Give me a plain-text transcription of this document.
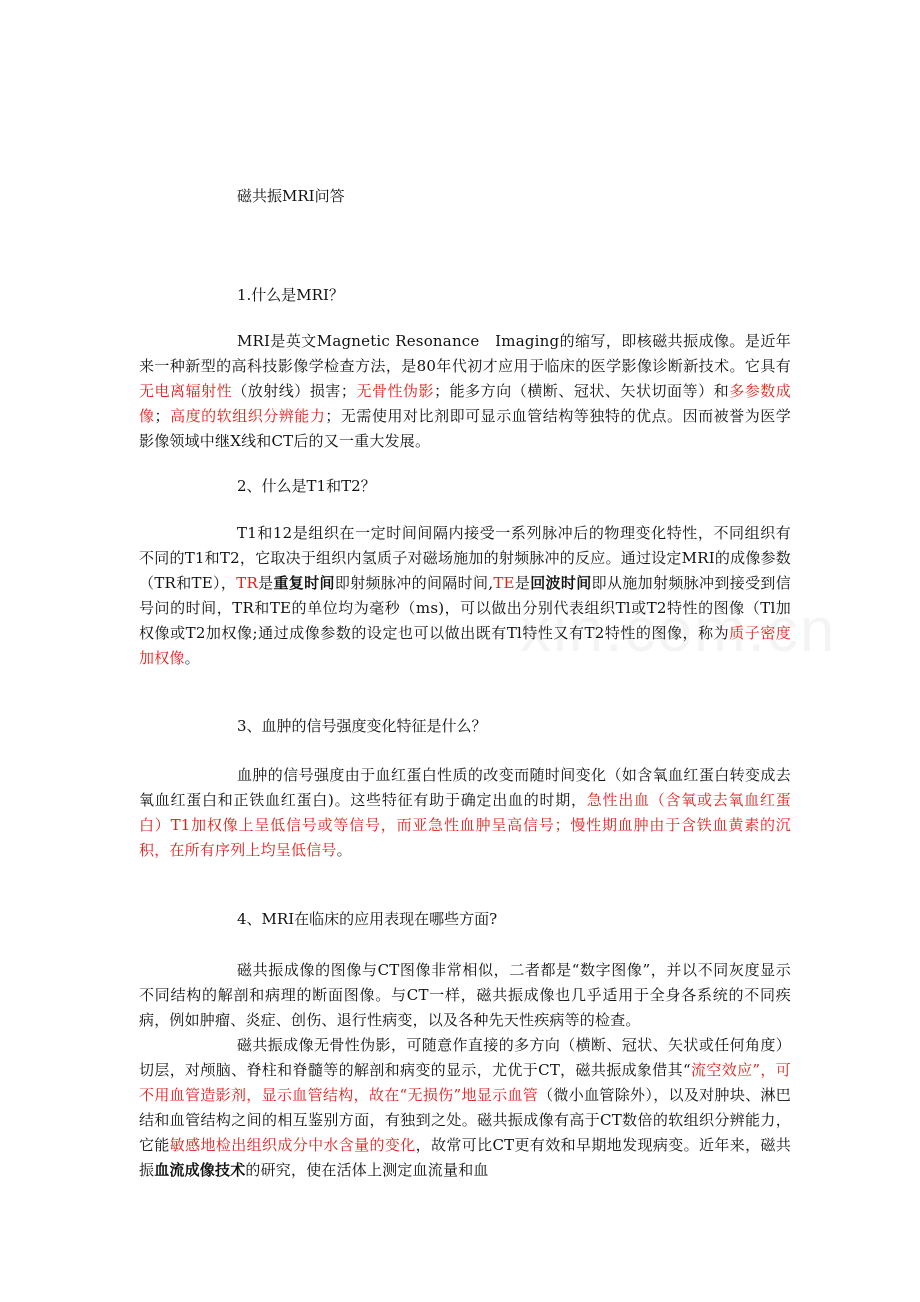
磁共振MRI问答

1.什么是MRI？

MRI是英文Magnetic Resonance　Imaging的缩写，即核磁共振成像。是近年来一种新型的高科技影像学检查方法，是80年代初才应用于临床的医学影像诊断新技术。它具有无电离辐射性（放射线）损害；无骨性伪影；能多方向（横断、冠状、矢状切面等）和多参数成像；高度的软组织分辨能力；无需使用对比剂即可显示血管结构等独特的优点。因而被誉为医学影像领域中继X线和CT后的又一重大发展。

2、什么是T1和T2？

T1和12是组织在一定时间间隔内接受一系列脉冲后的物理变化特性，不同组织有不同的T1和T2，它取决于组织内氢质子对磁场施加的射频脉冲的反应。通过设定MRI的成像参数（TR和TE），TR是重复时间即射频脉冲的间隔时间,TE是回波时间即从施加射频脉冲到接受到信号问的时间，TR和TE的单位均为毫秒（ms)，可以做出分别代表组织Tl或T2特性的图像（Tl加权像或T2加权像;通过成像参数的设定也可以做出既有Tl特性又有T2特性的图像，称为质子密度加权像。

3、血肿的信号强度变化特征是什么？

血肿的信号强度由于血红蛋白性质的改变而随时间变化（如含氧血红蛋白转变成去氧血红蛋白和正铁血红蛋白)。这些特征有助于确定出血的时期，急性出血（含氧或去氧血红蛋白）T1加权像上呈低信号或等信号，而亚急性血肿呈高信号；慢性期血肿由于含铁血黄素的沉积，在所有序列上均呈低信号。

4、MRI在临床的应用表现在哪些方面?

磁共振成像的图像与CT图像非常相似，二者都是“数字图像”，并以不同灰度显示不同结构的解剖和病理的断面图像。与CT一样，磁共振成像也几乎适用于全身各系统的不同疾病，例如肿瘤、炎症、创伤、退行性病变，以及各种先天性疾病等的检查。

磁共振成像无骨性伪影，可随意作直接的多方向（横断、冠状、矢状或任何角度）切层，对颅脑、脊柱和脊髓等的解剖和病变的显示，尤优于CT，磁共振成象借其“流空效应”，可不用血管造影剂，显示血管结构，故在“无损伤”地显示血管（微小血管除外），以及对肿块、淋巴结和血管结构之间的相互鉴别方面，有独到之处。磁共振成像有高于CT数倍的软组织分辨能力，它能敏感地检出组织成分中水含量的变化，故常可比CT更有效和早期地发现病变。近年来，磁共振血流成像技术的研究，使在活体上测定血流量和血
